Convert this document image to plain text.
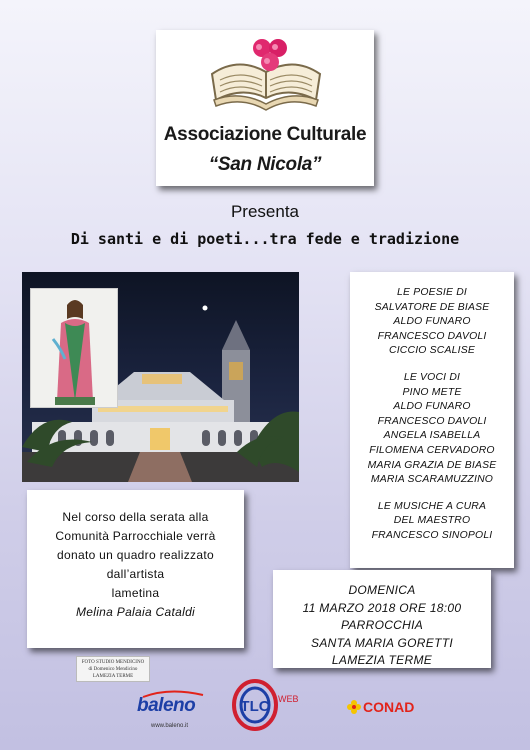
Associazione Culturale
“San Nicola”
Presenta
Di santi e di poeti...tra fede e tradizione

LE POESIE DI

SALVATORE DE BIASE

ALDO FUNARO

FRANCESCO DAVOLI

CICCIO SCALISE

LE VOCI DI

PINO METE

ALDO FUNARO

FRANCESCO DAVOLI

ANGELA ISABELLA

FILOMENA CERVADORO

MARIA GRAZIA DE BIASE

MARIA SCARAMUZZINO

LE MUSICHE A CURA

DEL MAESTRO

FRANCESCO SINOPOLI

Nel corso della serata alla

Comunità Parrocchiale verrà

donato un quadro realizzato

dall’artista

lametina

Melina Palaia Cataldi

DOMENICA

11 MARZO 2018 ORE 18:00

PARROCCHIA

SANTA MARIA GORETTI

LAMEZIA TERME

FOTO STUDIO MENDICINO
di Domenico Mendicino
LAMEZIA TERME
baleno
www.baleno.it
TLC WEB	CONAD
